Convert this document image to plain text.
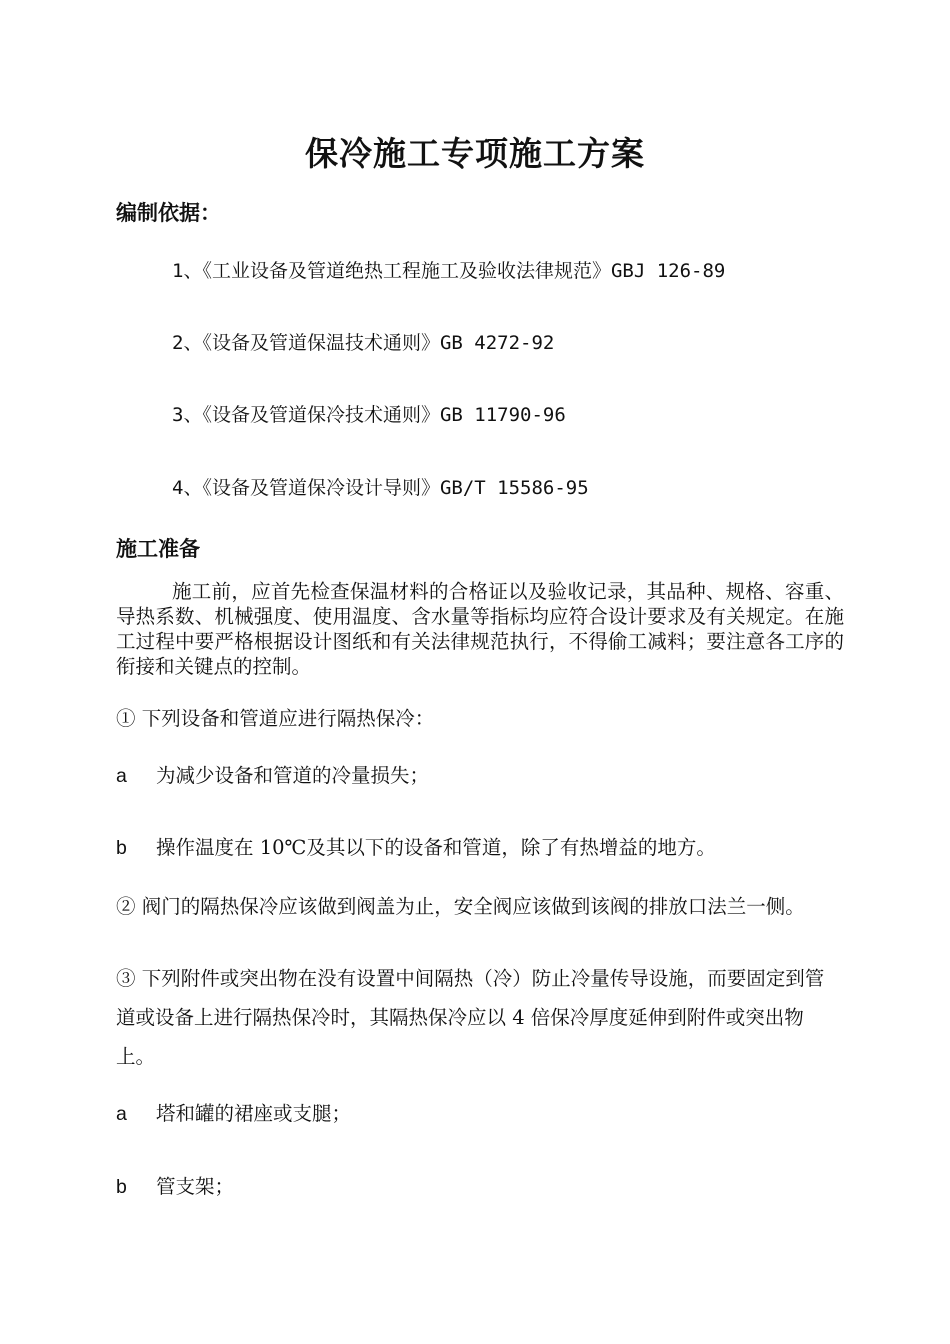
保冷施工专项施工方案
编制依据：
1、《工业设备及管道绝热工程施工及验收法律规范》GBJ 126-89
2、《设备及管道保温技术通则》GB 4272-92
3、《设备及管道保冷技术通则》GB 11790-96
4、《设备及管道保冷设计导则》GB/T 15586-95
施工准备
施工前，应首先检查保温材料的合格证以及验收记录，其品种、规格、容重、导热系数、机械强度、使用温度、含水量等指标均应符合设计要求及有关规定。在施工过程中要严格根据设计图纸和有关法律规范执行，不得偷工减料；要注意各工序的衔接和关键点的控制。
① 下列设备和管道应进行隔热保冷：
a 为减少设备和管道的冷量损失；
b 操作温度在 10℃及其以下的设备和管道，除了有热增益的地方。
② 阀门的隔热保冷应该做到阀盖为止，安全阀应该做到该阀的排放口法兰一侧。
③ 下列附件或突出物在没有设置中间隔热（冷）防止冷量传导设施，而要固定到管道或设备上进行隔热保冷时，其隔热保冷应以 4 倍保冷厚度延伸到附件或突出物上。
a 塔和罐的裙座或支腿；
b 管支架；
